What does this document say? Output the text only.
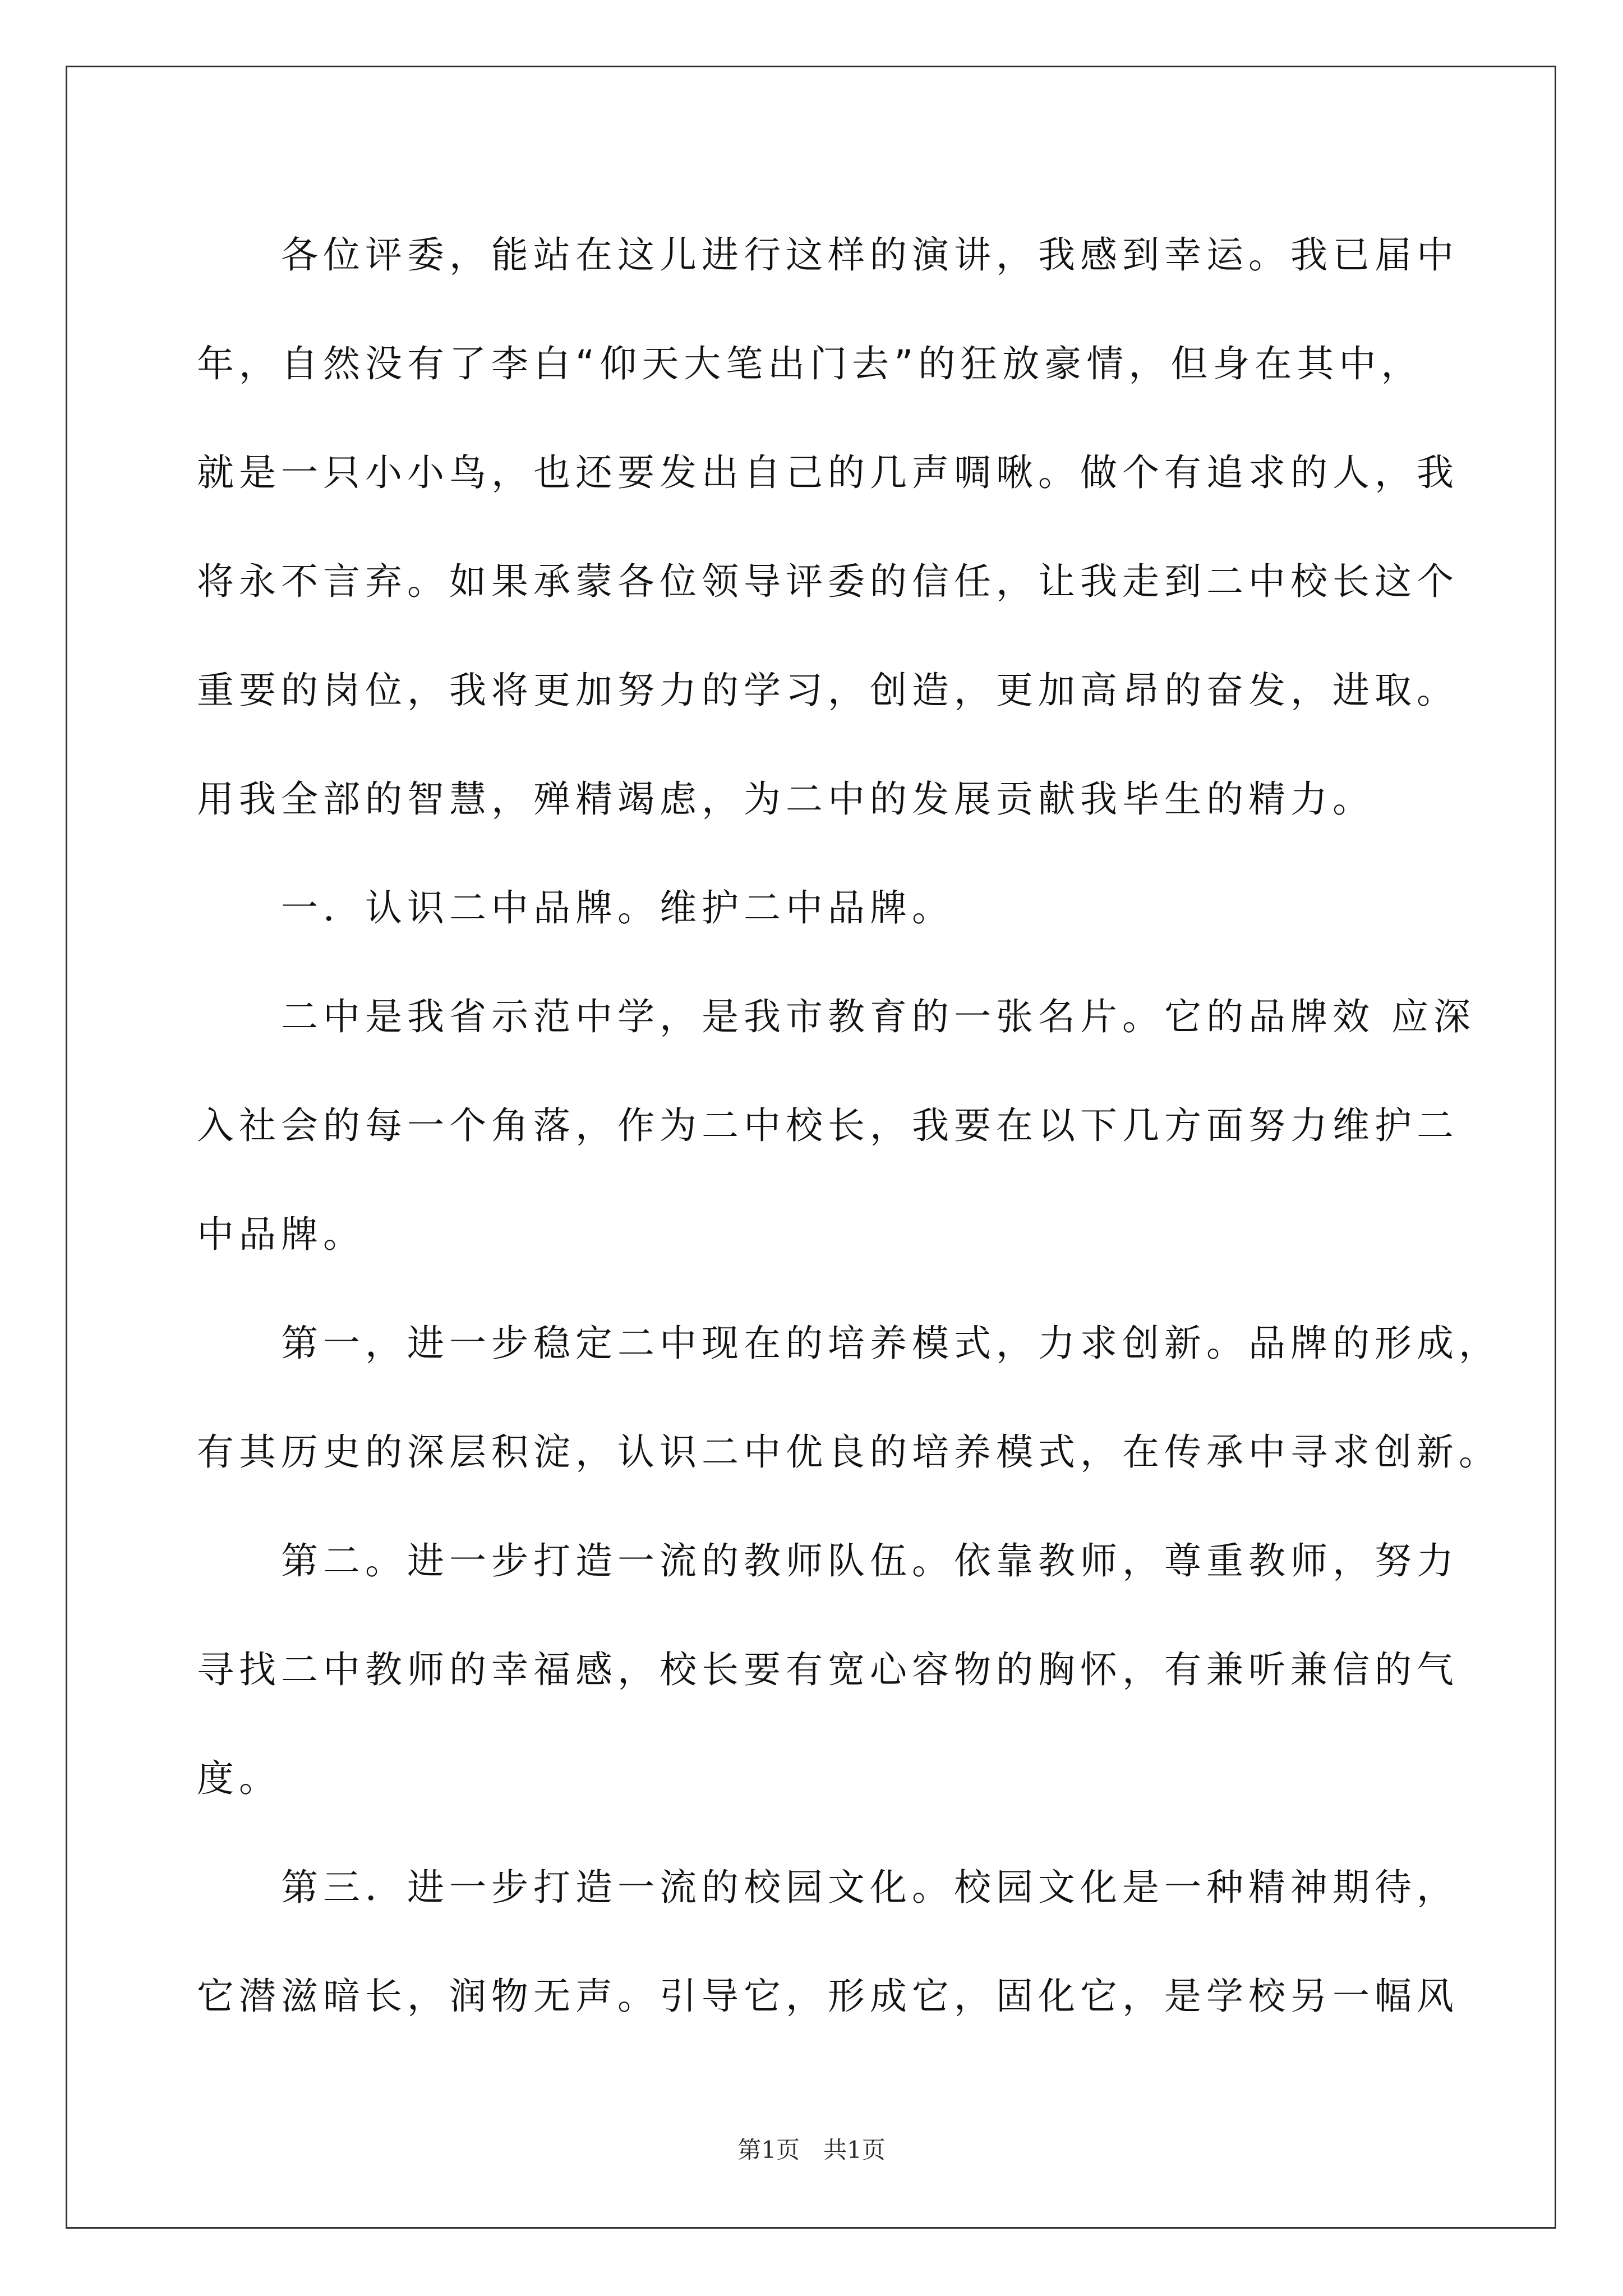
各位评委，能站在这儿进行这样的演讲，我感到幸运。我已届中
年，自然没有了李白“仰天大笔出门去”的狂放豪情，但身在其中，
就是一只小小鸟，也还要发出自己的几声啁啾。做个有追求的人，我
将永不言弃。如果承蒙各位领导评委的信任，让我走到二中校长这个
重要的岗位，我将更加努力的学习，创造，更加高昂的奋发，进取。
用我全部的智慧，殚精竭虑，为二中的发展贡献我毕生的精力。
一．认识二中品牌。维护二中品牌。
二中是我省示范中学，是我市教育的一张名片。它的品牌效 应深
入社会的每一个角落，作为二中校长，我要在以下几方面努力维护二
中品牌。
第一，进一步稳定二中现在的培养模式，力求创新。品牌的形成，
有其历史的深层积淀，认识二中优良的培养模式，在传承中寻求创新。
第二。进一步打造一流的教师队伍。依靠教师，尊重教师，努力
寻找二中教师的幸福感，校长要有宽心容物的胸怀，有兼听兼信的气
度。
第三．进一步打造一流的校园文化。校园文化是一种精神期待，
它潜滋暗长，润物无声。引导它，形成它，固化它，是学校另一幅风
第1页　共1页
